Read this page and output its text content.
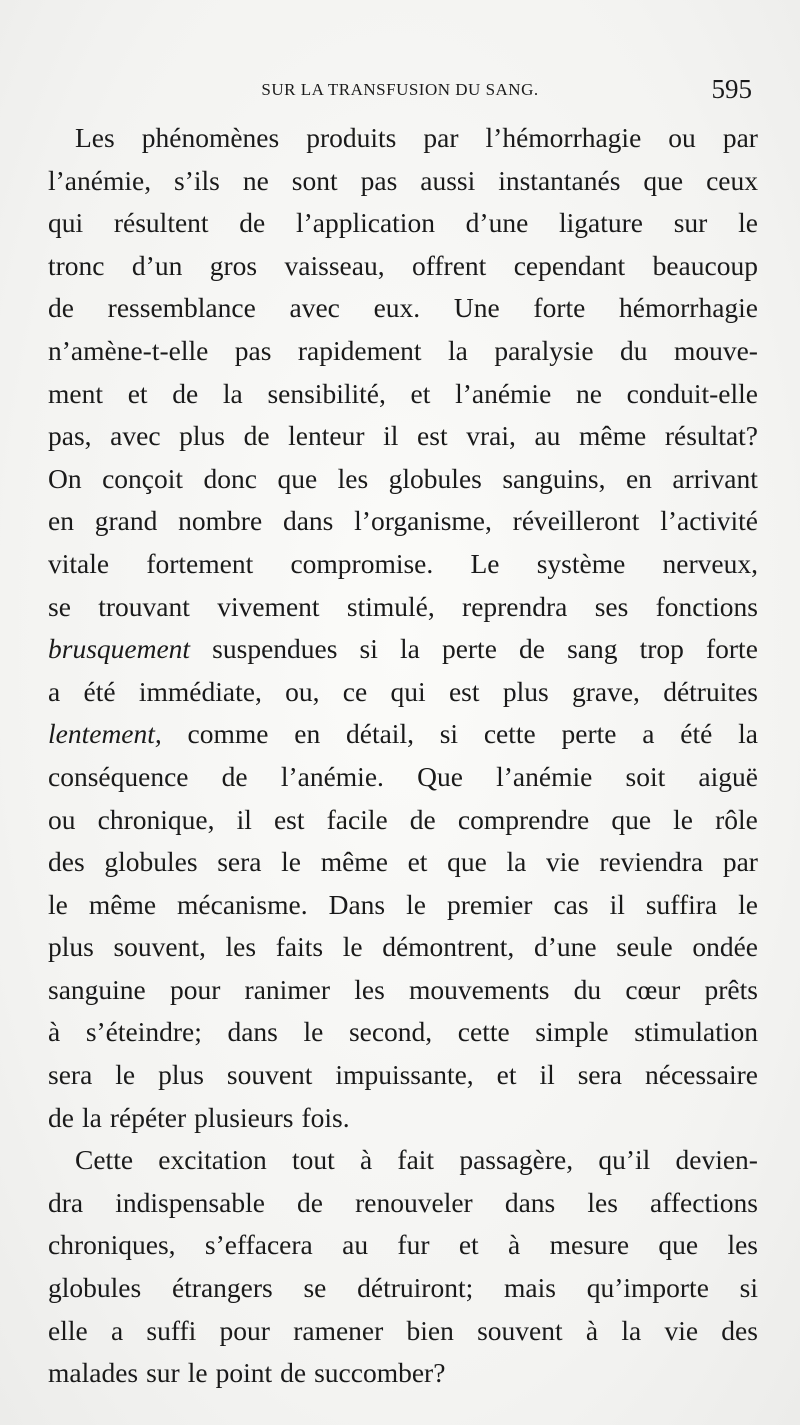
SUR LA TRANSFUSION DU SANG.	595
Les phénomènes produits par l’hémorrhagie ou par
l’anémie, s’ils ne sont pas aussi instantanés que ceux
qui résultent de l’application d’une ligature sur le
tronc d’un gros vaisseau, offrent cependant beaucoup
de ressemblance avec eux. Une forte hémorrhagie
n’amène-t-elle pas rapidement la paralysie du mouve-
ment et de la sensibilité, et l’anémie ne conduit-elle
pas, avec plus de lenteur il est vrai, au même résultat?
On conçoit donc que les globules sanguins, en arrivant
en grand nombre dans l’organisme, réveilleront l’activité
vitale fortement compromise. Le système nerveux,
se trouvant vivement stimulé, reprendra ses fonctions
brusquement suspendues si la perte de sang trop forte
a été immédiate, ou, ce qui est plus grave, détruites
lentement, comme en détail, si cette perte a été la
conséquence de l’anémie. Que l’anémie soit aiguë
ou chronique, il est facile de comprendre que le rôle
des globules sera le même et que la vie reviendra par
le même mécanisme. Dans le premier cas il suffira le
plus souvent, les faits le démontrent, d’une seule ondée
sanguine pour ranimer les mouvements du cœur prêts
à s’éteindre; dans le second, cette simple stimulation
sera le plus souvent impuissante, et il sera nécessaire
de la répéter plusieurs fois.
Cette excitation tout à fait passagère, qu’il devien-
dra indispensable de renouveler dans les affections
chroniques, s’effacera au fur et à mesure que les
globules étrangers se détruiront; mais qu’importe si
elle a suffi pour ramener bien souvent à la vie des
malades sur le point de succomber?
